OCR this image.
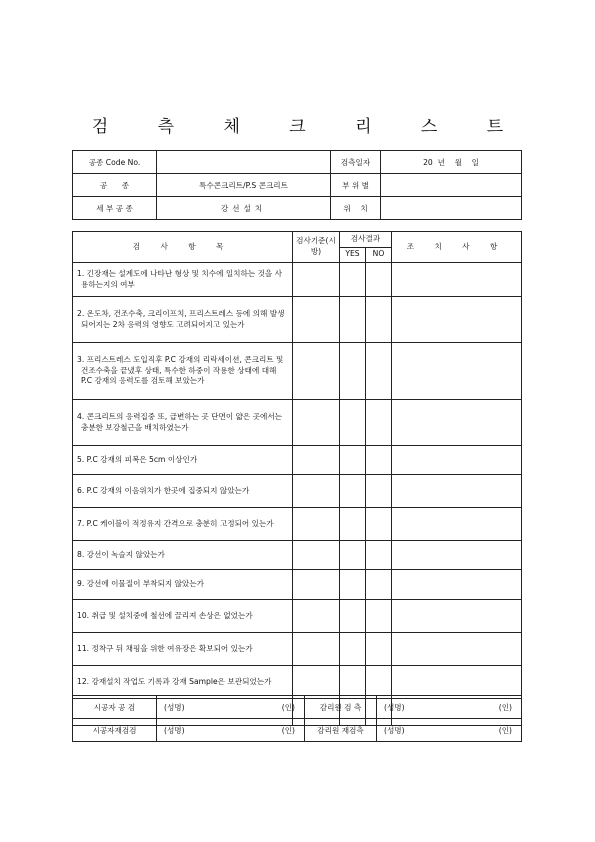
검 측 체 크 리 스 트
공종 Code No.		검측일자	20  년    월    일
공      종	특수콘크리트/P.S 콘크리트	부 위 별	
세 부 공 종	강선설치	위    치	
검 사 항 목	검사기준(시방)	검사결과		조 치 사 항
		YES	NO	
1. 긴장재는 설계도에 나타난 형상 및 치수에 일치하는 것을 사용하는지의 여부				
2. 온도차, 건조수축, 크리이프치, 프리스트레스 등에 의해 발생되어지는 2차 응력의 영향도 고려되어지고 있는가				
3. 프리스트레스 도입직후 P.C 강재의 리락세이션, 콘크리트 및 건조수축을 끝냈후 상태, 특수한 하중이 작용한 상태에 대해 P.C 강재의 응력도를 검토해 보았는가				
4. 콘크리트의 응력집중 또, 급변하는 곳 단면이 얇은 곳에서는 충분한 보강철근을 배치하였는가				
5. P.C 강재의 피복은 5cm 이상인가				
6. P.C 강재의 이음위치가 한곳에 집중되지 않았는가				
7. P.C 케이블이 적정유지 간격으로 충분히 고정되어 있는가				
8. 강선이 녹슬지 않았는가				
9. 강선에 이물질이 부착되지 않았는가				
10. 취급 및 설치중에 철선에 끌리져 손상은 없었는가				
11. 정착구 뒤 채핑을 위한 여유장은 확보되어 있는가				
12. 강재설치 작업도 기록과 강재 Sample은 보관되었는가				

시공자 공 검	(성명) (인)	감리원 검 측	(성명) (인)

시공자재검검	(성명) (인)	감리원 재검측	(성명) (인)
